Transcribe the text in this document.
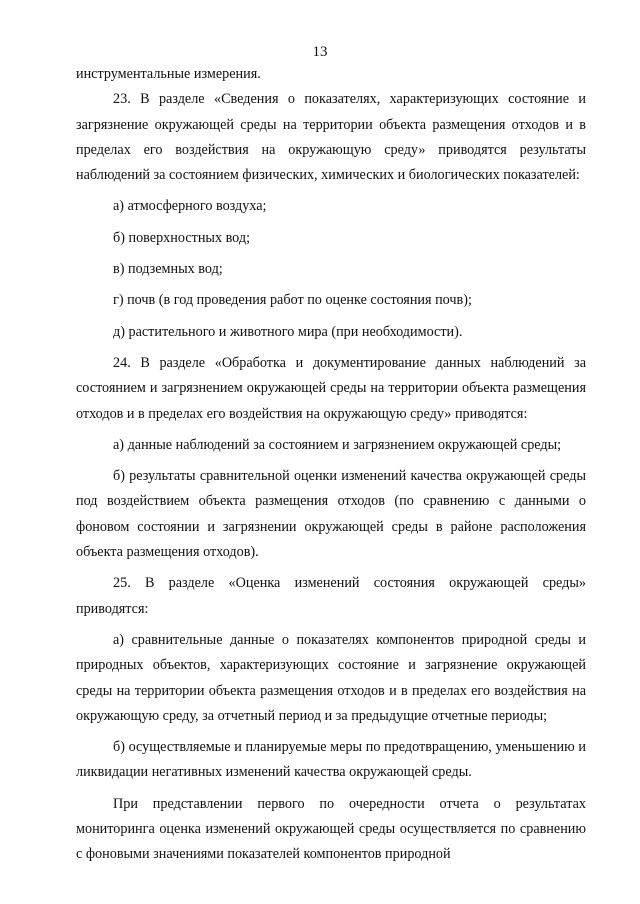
13

инструментальные измерения.

23. В разделе «Сведения о показателях, характеризующих состояние и загрязнение окружающей среды на территории объекта размещения отходов и в пределах его воздействия на окружающую среду» приводятся результаты наблюдений за состоянием физических, химических и биологических показателей:

а) атмосферного воздуха;

б) поверхностных вод;

в) подземных вод;

г) почв (в год проведения работ по оценке состояния почв);

д) растительного и животного мира (при необходимости).

24. В разделе «Обработка и документирование данных наблюдений за состоянием и загрязнением окружающей среды на территории объекта размещения отходов и в пределах его воздействия на окружающую среду» приводятся:

а) данные наблюдений за состоянием и загрязнением окружающей среды;

б) результаты сравнительной оценки изменений качества окружающей среды под воздействием объекта размещения отходов (по сравнению с данными о фоновом состоянии и загрязнении окружающей среды в районе расположения объекта размещения отходов).

25. В разделе «Оценка изменений состояния окружающей среды» приводятся:

а) сравнительные данные о показателях компонентов природной среды и природных объектов, характеризующих состояние и загрязнение окружающей среды на территории объекта размещения отходов и в пределах его воздействия на окружающую среду, за отчетный период и за предыдущие отчетные периоды;

б) осуществляемые и планируемые меры по предотвращению, уменьшению и ликвидации негативных изменений качества окружающей среды.

При представлении первого по очередности отчета о результатах мониторинга оценка изменений окружающей среды осуществляется по сравнению с фоновыми значениями показателей компонентов природной
